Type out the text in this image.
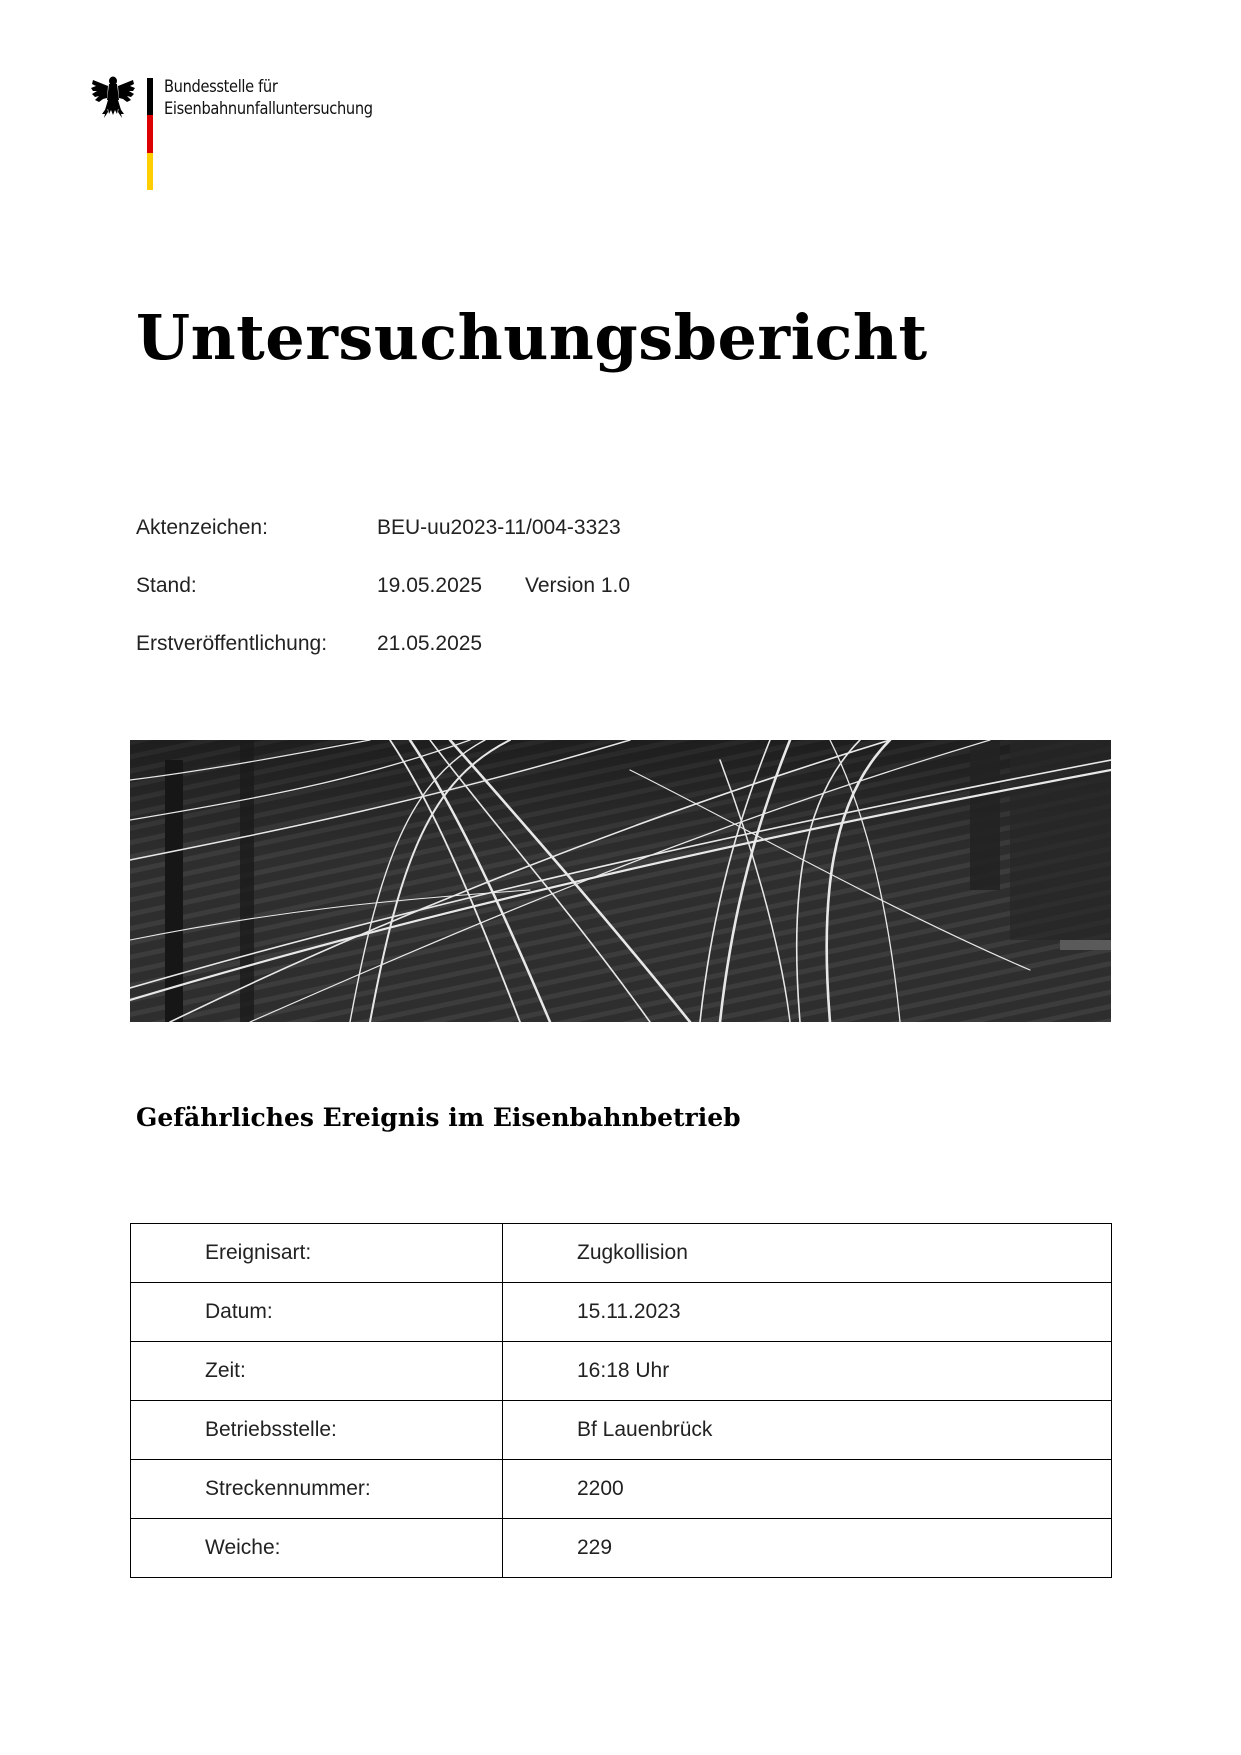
Bundesstelle für
Eisenbahnunfalluntersuchung
Untersuchungsbericht
Aktenzeichen:	BEU-uu2023-11/004-3323
Stand:	19.05.2025 Version 1.0
Erstveröffentlichung: 21.05.2025
Gefährliches Ereignis im Eisenbahnbetrieb
Ereignisart:	Zugkollision
Datum:	15.11.2023
Zeit:	16:18 Uhr
Betriebsstelle:	Bf Lauenbrück
Streckennummer:	2200
Weiche:	229
